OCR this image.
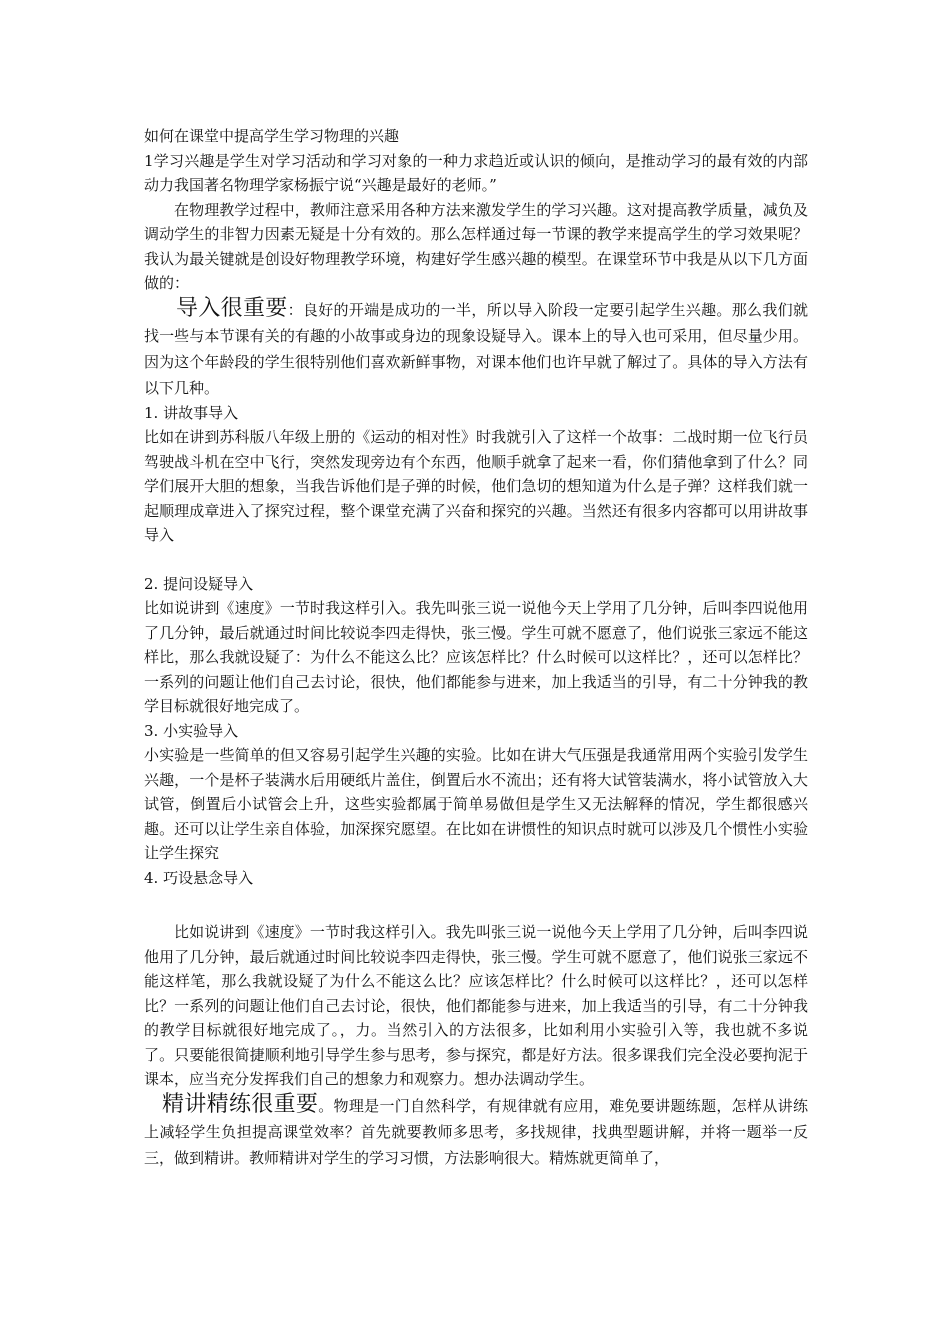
如何在课堂中提高学生学习物理的兴趣

1学习兴趣是学生对学习活动和学习对象的一种力求趋近或认识的倾向，是推动学习的最有效的内部动力我国著名物理学家杨振宁说“兴趣是最好的老师。”

在物理教学过程中，教师注意采用各种方法来激发学生的学习兴趣。这对提高教学质量，减负及调动学生的非智力因素无疑是十分有效的。那么怎样通过每一节课的教学来提高学生的学习效果呢？我认为最关键就是创设好物理教学环境，构建好学生感兴趣的模型。在课堂环节中我是从以下几方面做的：

导入很重要：良好的开端是成功的一半，所以导入阶段一定要引起学生兴趣。那么我们就找一些与本节课有关的有趣的小故事或身边的现象设疑导入。课本上的导入也可采用，但尽量少用。因为这个年龄段的学生很特别他们喜欢新鲜事物，对课本他们也许早就了解过了。具体的导入方法有以下几种。

1. 讲故事导入

比如在讲到苏科版八年级上册的《运动的相对性》时我就引入了这样一个故事：二战时期一位飞行员驾驶战斗机在空中飞行，突然发现旁边有个东西，他顺手就拿了起来一看，你们猜他拿到了什么？同学们展开大胆的想象，当我告诉他们是子弹的时候，他们急切的想知道为什么是子弹？这样我们就一起顺理成章进入了探究过程，整个课堂充满了兴奋和探究的兴趣。当然还有很多内容都可以用讲故事导入

2. 提问设疑导入

比如说讲到《速度》一节时我这样引入。我先叫张三说一说他今天上学用了几分钟，后叫李四说他用了几分钟，最后就通过时间比较说李四走得快，张三慢。学生可就不愿意了，他们说张三家远不能这样比，那么我就设疑了：为什么不能这么比？应该怎样比？什么时候可以这样比？，还可以怎样比？一系列的问题让他们自己去讨论，很快，他们都能参与进来，加上我适当的引导，有二十分钟我的教学目标就很好地完成了。

3. 小实验导入

小实验是一些简单的但又容易引起学生兴趣的实验。比如在讲大气压强是我通常用两个实验引发学生兴趣，一个是杯子装满水后用硬纸片盖住，倒置后水不流出；还有将大试管装满水，将小试管放入大试管，倒置后小试管会上升，这些实验都属于简单易做但是学生又无法解释的情况，学生都很感兴趣。还可以让学生亲自体验，加深探究愿望。在比如在讲惯性的知识点时就可以涉及几个惯性小实验让学生探究

4. 巧设悬念导入

比如说讲到《速度》一节时我这样引入。我先叫张三说一说他今天上学用了几分钟，后叫李四说他用了几分钟，最后就通过时间比较说李四走得快，张三慢。学生可就不愿意了，他们说张三家远不能这样笔，那么我就设疑了为什么不能这么比？应该怎样比？什么时候可以这样比？，还可以怎样比？一系列的问题让他们自己去讨论，很快，他们都能参与进来，加上我适当的引导，有二十分钟我的教学目标就很好地完成了。，力。当然引入的方法很多，比如利用小实验引入等，我也就不多说了。只要能很简捷顺利地引导学生参与思考，参与探究，都是好方法。很多课我们完全没必要拘泥于课本，应当充分发挥我们自己的想象力和观察力。想办法调动学生。

精讲精练很重要。物理是一门自然科学，有规律就有应用，难免要讲题练题，怎样从讲练上减轻学生负担提高课堂效率？首先就要教师多思考，多找规律，找典型题讲解，并将一题举一反三，做到精讲。教师精讲对学生的学习习惯，方法影响很大。精炼就更简单了，
